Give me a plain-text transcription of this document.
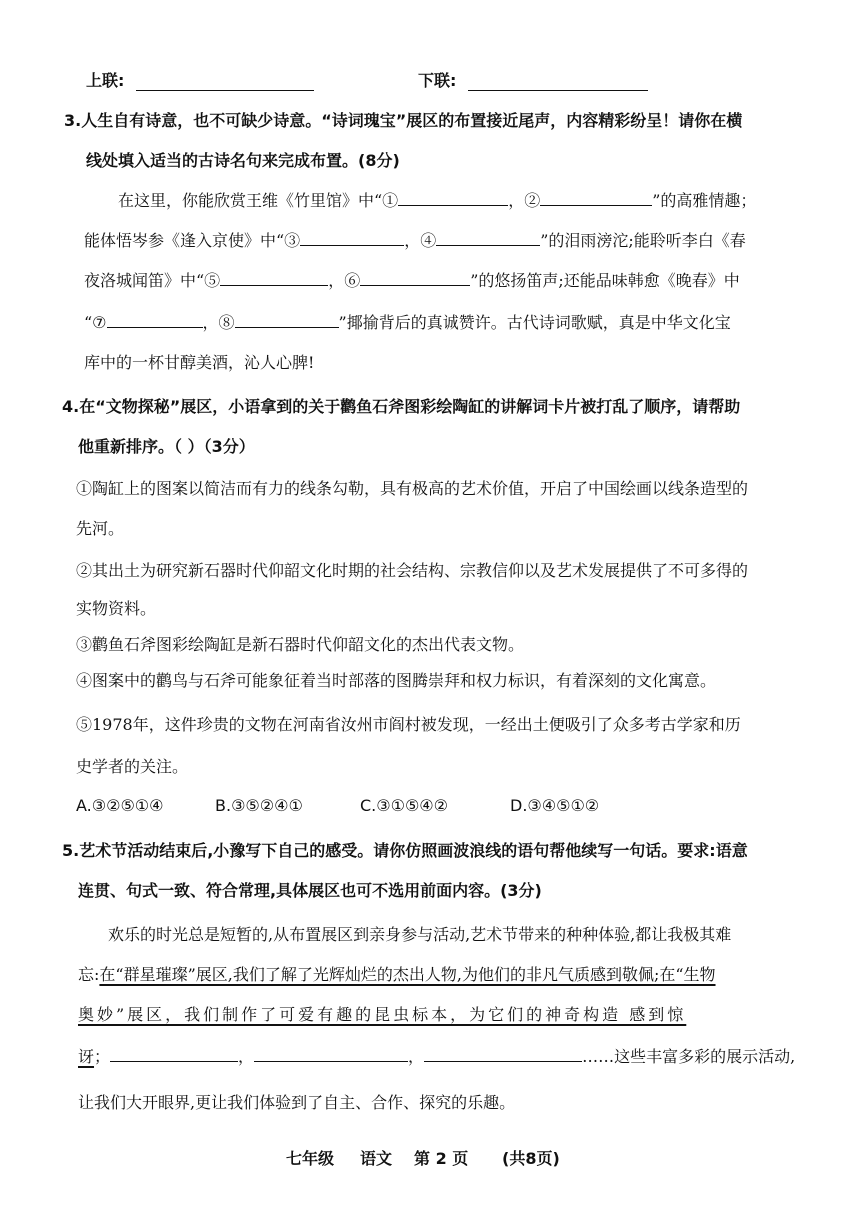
上联:	下联:
3.人生自有诗意，也不可缺少诗意。“诗词瑰宝”展区的布置接近尾声，内容精彩纷呈！请你在横
线处填入适当的古诗名句来完成布置。(8分)
在这里，你能欣赏王维《竹里馆》中“①	，②	”的高雅情趣；
能体悟岑参《逢入京使》中“③	，④	”的泪雨滂沱;能聆听李白《春
夜洛城闻笛》中“⑤	，⑥	”的悠扬笛声;还能品味韩愈《晚春》中
“⑦	，⑧	”揶揄背后的真诚赞许。古代诗词歌赋，真是中华文化宝
库中的一杯甘醇美酒，沁人心脾!
4.在“文物探秘”展区，小语拿到的关于鹳鱼石斧图彩绘陶缸的讲解词卡片被打乱了顺序，请帮助
他重新排序。（ ）（3分）
①陶缸上的图案以简洁而有力的线条勾勒，具有极高的艺术价值，开启了中国绘画以线条造型的
先河。
②其出土为研究新石器时代仰韶文化时期的社会结构、宗教信仰以及艺术发展提供了不可多得的
实物资料。
③鹳鱼石斧图彩绘陶缸是新石器时代仰韶文化的杰出代表文物。
④图案中的鹳鸟与石斧可能象征着当时部落的图腾崇拜和权力标识，有着深刻的文化寓意。
⑤1978年，这件珍贵的文物在河南省汝州市阎村被发现，一经出土便吸引了众多考古学家和历
史学者的关注。
A.③②⑤①④	B.③⑤②④①	C.③①⑤④②	D.③④⑤①②
5.艺术节活动结束后,小豫写下自己的感受。请你仿照画波浪线的语句帮他续写一句话。要求:语意
连贯、句式一致、符合常理,具体展区也可不选用前面内容。(3分)
欢乐的时光总是短暂的,从布置展区到亲身参与活动,艺术节带来的种种体验,都让我极其难
忘:在“群星璀璨”展区,我们了解了光辉灿烂的杰出人物,为他们的非凡气质感到敬佩;在“生物
奥妙”展区，我们制作了可爱有趣的昆虫标本，为它们的神奇构造 感到惊
讶；	，	，	……这些丰富多彩的展示活动,
让我们大开眼界,更让我们体验到了自主、合作、探究的乐趣。
七年级 语文 第 2 页 (共8页)
